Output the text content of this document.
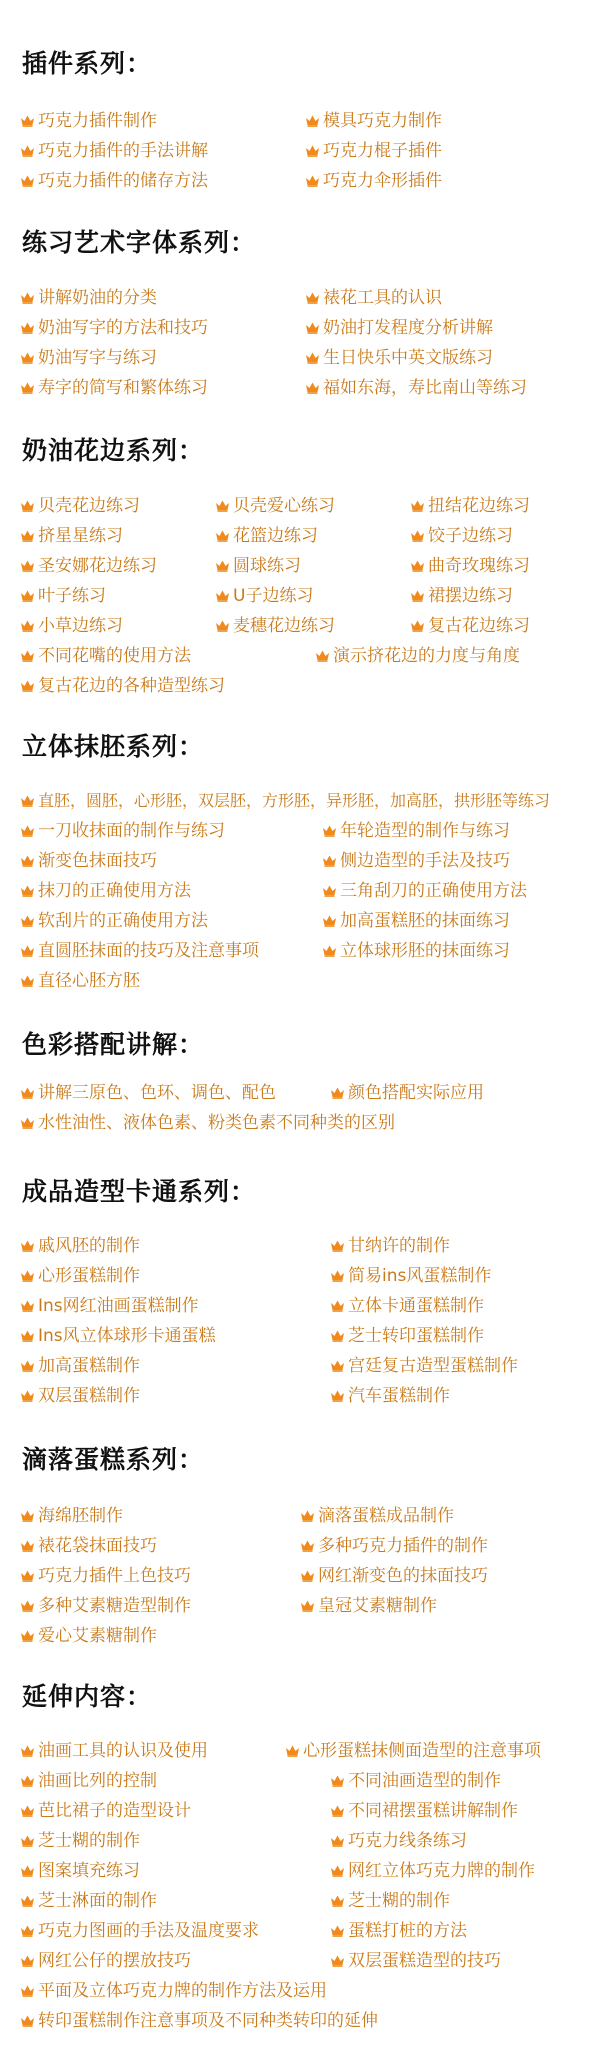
插件系列：
巧克力插件制作	模具巧克力制作
巧克力插件的手法讲解	巧克力棍子插件
巧克力插件的储存方法	巧克力伞形插件
练习艺术字体系列：
讲解奶油的分类	裱花工具的认识
奶油写字的方法和技巧	奶油打发程度分析讲解
奶油写字与练习	生日快乐中英文版练习
寿字的简写和繁体练习	福如东海，寿比南山等练习
奶油花边系列：
贝壳花边练习	贝壳爱心练习	扭结花边练习
挤星星练习	花篮边练习	饺子边练习
圣安娜花边练习	圆球练习	曲奇玫瑰练习
叶子练习	U子边练习	裙摆边练习
小草边练习	麦穗花边练习	复古花边练习
不同花嘴的使用方法	演示挤花边的力度与角度
复古花边的各种造型练习
立体抹胚系列：
直胚，圆胚，心形胚，双层胚，方形胚，异形胚，加高胚，拱形胚等练习
一刀收抹面的制作与练习	年轮造型的制作与练习
渐变色抹面技巧	侧边造型的手法及技巧
抹刀的正确使用方法	三角刮刀的正确使用方法
软刮片的正确使用方法	加高蛋糕胚的抹面练习
直圆胚抹面的技巧及注意事项	立体球形胚的抹面练习
直径心胚方胚
色彩搭配讲解：
讲解三原色、色环、调色、配色	颜色搭配实际应用
水性油性、液体色素、粉类色素不同种类的区别
成品造型卡通系列：
戚风胚的制作	甘纳许的制作
心形蛋糕制作	简易ins风蛋糕制作
Ins网红油画蛋糕制作	立体卡通蛋糕制作
Ins风立体球形卡通蛋糕	芝士转印蛋糕制作
加高蛋糕制作	宫廷复古造型蛋糕制作
双层蛋糕制作	汽车蛋糕制作
滴落蛋糕系列：
海绵胚制作	滴落蛋糕成品制作
裱花袋抹面技巧	多种巧克力插件的制作
巧克力插件上色技巧	网红渐变色的抹面技巧
多种艾素糖造型制作	皇冠艾素糖制作
爱心艾素糖制作
延伸内容：
油画工具的认识及使用	心形蛋糕抹侧面造型的注意事项
油画比列的控制	不同油画造型的制作
芭比裙子的造型设计	不同裙摆蛋糕讲解制作
芝士糊的制作	巧克力线条练习
图案填充练习	网红立体巧克力牌的制作
芝士淋面的制作	芝士糊的制作
巧克力图画的手法及温度要求	蛋糕打桩的方法
网红公仔的摆放技巧	双层蛋糕造型的技巧
平面及立体巧克力牌的制作方法及运用
转印蛋糕制作注意事项及不同种类转印的延伸
